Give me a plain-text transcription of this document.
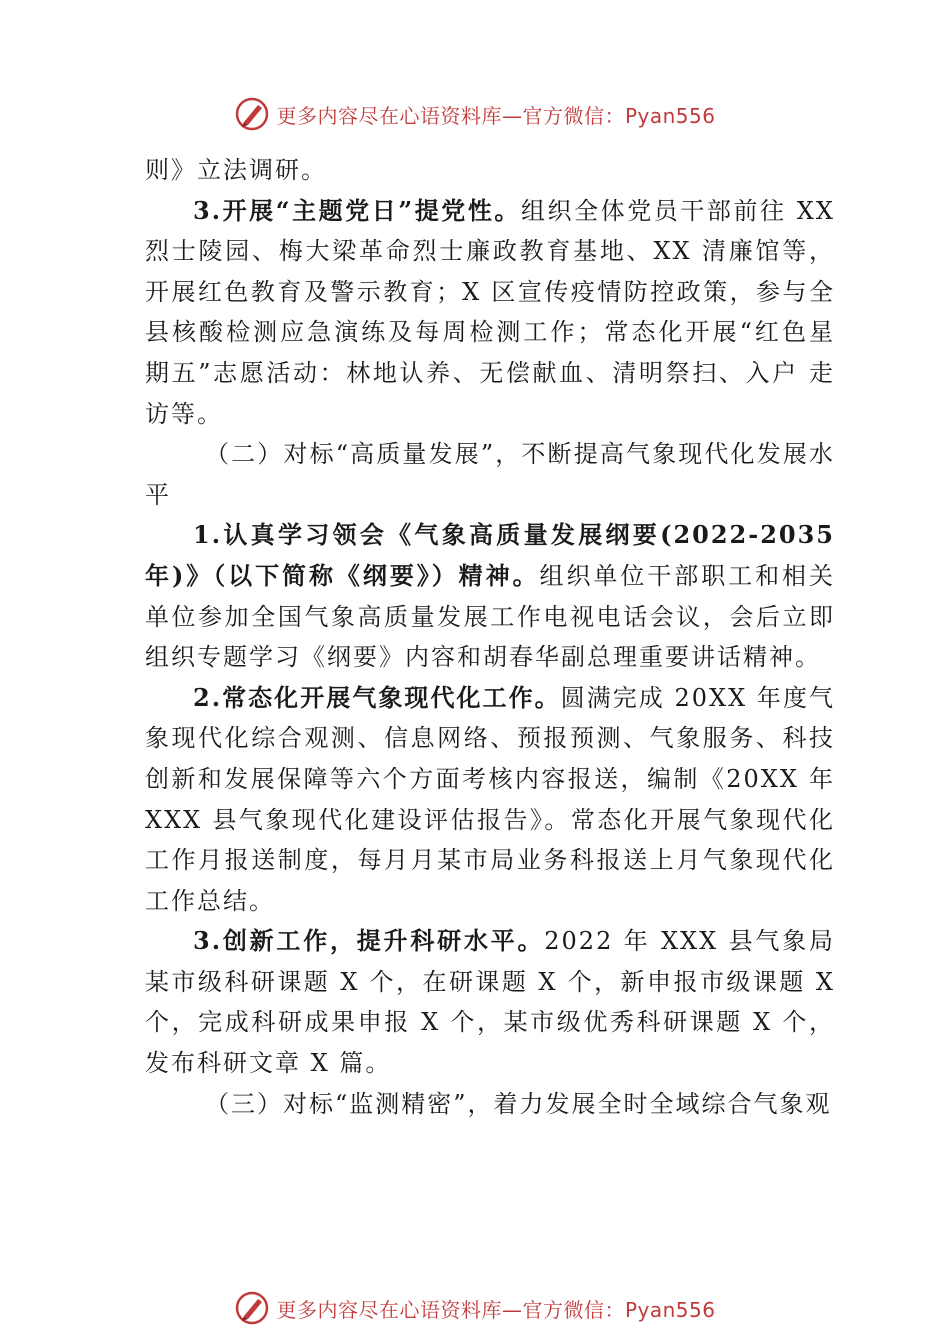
更多内容尽在心语资料库—官方微信：Pyan556

则》立法调研。

3.开展“主题党日”提党性。组织全体党员干部前往 XX 烈士陵园、梅大梁革命烈士廉政教育基地、XX 清廉馆等，开展红色教育及警示教育；X 区宣传疫情防控政策，参与全县核酸检测应急演练及每周检测工作；常态化开展“红色星期五”志愿活动：林地认养、无偿献血、清明祭扫、入户 走访等。

（二）对标“高质量发展”，不断提高气象现代化发展水平

1.认真学习领会《气象高质量发展纲要(2022-2035 年)》（以下简称《纲要》）精神。组织单位干部职工和相关单位参加全国气象高质量发展工作电视电话会议，会后立即组织专题学习《纲要》内容和胡春华副总理重要讲话精神。

2.常态化开展气象现代化工作。圆满完成 20XX 年度气象现代化综合观测、信息网络、预报预测、气象服务、科技 创新和发展保障等六个方面考核内容报送，编制《20XX 年 XXX 县气象现代化建设评估报告》。常态化开展气象现代化工作月报送制度，每月月某市局业务科报送上月气象现代化工作总结。

3.创新工作，提升科研水平。2022 年 XXX 县气象局某市级科研课题 X 个，在研课题 X 个，新申报市级课题 X 个，完成科研成果申报 X 个，某市级优秀科研课题 X 个，发布科研文章 X 篇。

（三）对标“监测精密”，着力发展全时全域综合气象观

更多内容尽在心语资料库—官方微信：Pyan556
